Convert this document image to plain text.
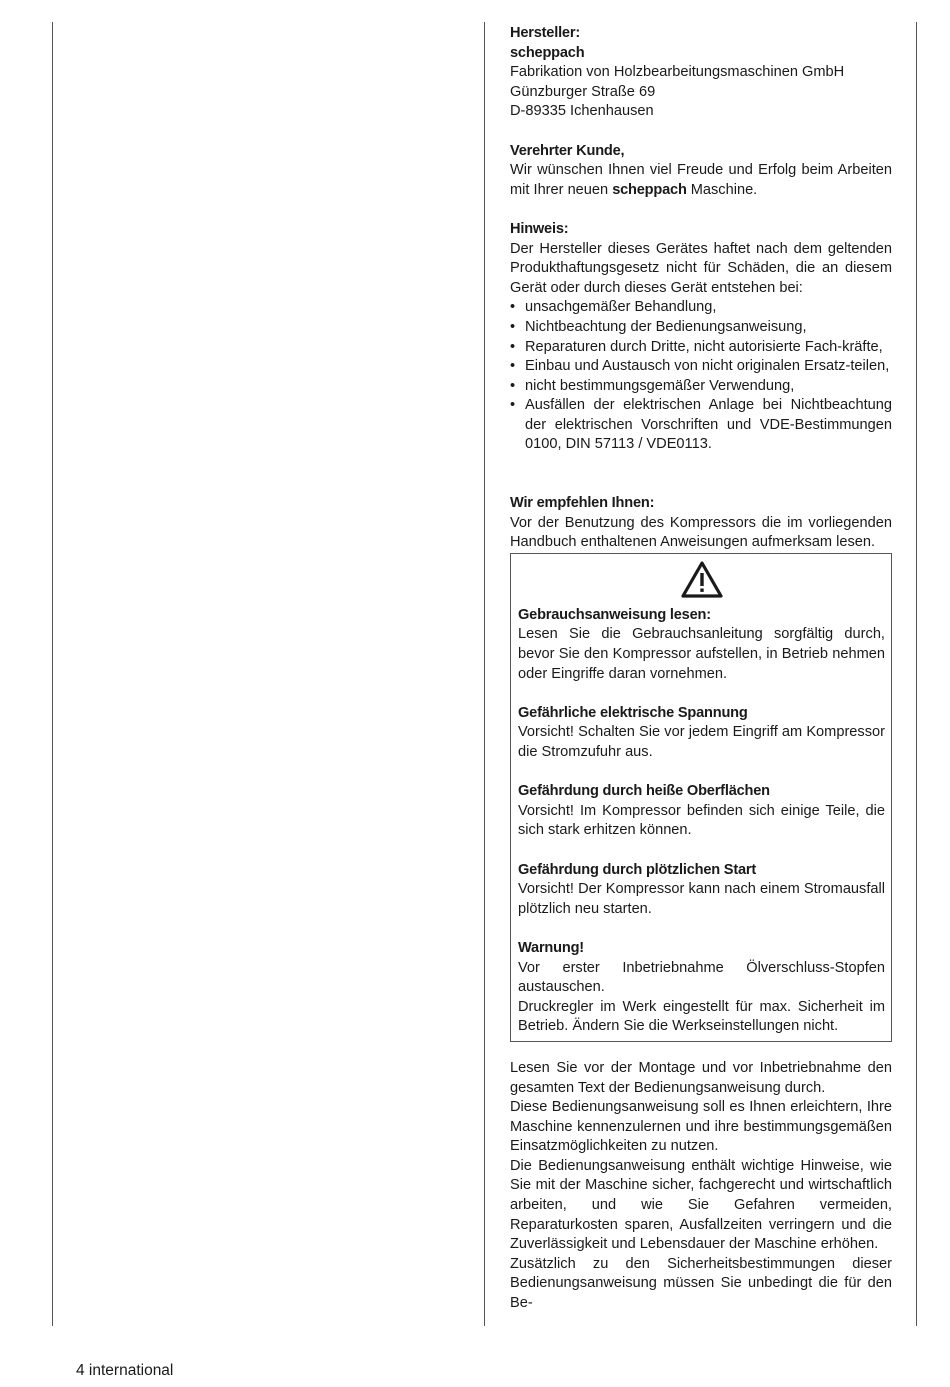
Hersteller:

scheppach

Fabrikation von Holzbearbeitungsmaschinen GmbH

Günzburger Straße 69

D-89335 Ichenhausen

Verehrter Kunde,

Wir wünschen Ihnen viel Freude und Erfolg beim Arbeiten mit Ihrer neuen scheppach Maschine.

Hinweis:

Der Hersteller dieses Gerätes haftet nach dem geltenden Produkthaftungsgesetz nicht für Schäden, die an diesem Gerät oder durch dieses Gerät entstehen bei:

• unsachgemäßer Behandlung,
• Nichtbeachtung der Bedienungsanweisung,
• Reparaturen durch Dritte, nicht autorisierte Fach-kräfte,
• Einbau und Austausch von nicht originalen Ersatz-teilen,
• nicht bestimmungsgemäßer Verwendung,
• Ausfällen der elektrischen Anlage bei Nichtbeachtung der elektrischen Vorschriften und VDE-Bestimmungen 0100, DIN 57113 / VDE0113.

Wir empfehlen Ihnen:

Vor der Benutzung des Kompressors die im vorliegenden Handbuch enthaltenen Anweisungen aufmerksam lesen.

Gebrauchsanweisung lesen:

Lesen Sie die Gebrauchsanleitung sorgfältig durch, bevor Sie den Kompressor aufstellen, in Betrieb nehmen oder Eingriffe daran vornehmen.

Gefährliche elektrische Spannung

Vorsicht! Schalten Sie vor jedem Eingriff am Kompressor die Stromzufuhr aus.

Gefährdung durch heiße Oberflächen

Vorsicht! Im Kompressor befinden sich einige Teile, die sich stark erhitzen können.

Gefährdung durch plötzlichen Start

Vorsicht! Der Kompressor kann nach einem Stromausfall plötzlich neu starten.

Warnung!

Vor erster Inbetriebnahme Ölverschluss-Stopfen austauschen.

Druckregler im Werk eingestellt für max. Sicherheit im Betrieb. Ändern Sie die Werkseinstellungen nicht.

Lesen Sie vor der Montage und vor Inbetriebnahme den gesamten Text der Bedienungsanweisung durch.

Diese Bedienungsanweisung soll es Ihnen erleichtern, Ihre Maschine kennenzulernen und ihre bestimmungsgemäßen Einsatzmöglichkeiten zu nutzen.

Die Bedienungsanweisung enthält wichtige Hinweise, wie Sie mit der Maschine sicher, fachgerecht und wirtschaftlich arbeiten, und wie Sie Gefahren vermeiden, Reparaturkosten sparen, Ausfallzeiten verringern und die Zuverlässigkeit und Lebensdauer der Maschine erhöhen.

Zusätzlich zu den Sicherheitsbestimmungen dieser Bedienungsanweisung müssen Sie unbedingt die für den Be-

4 international
